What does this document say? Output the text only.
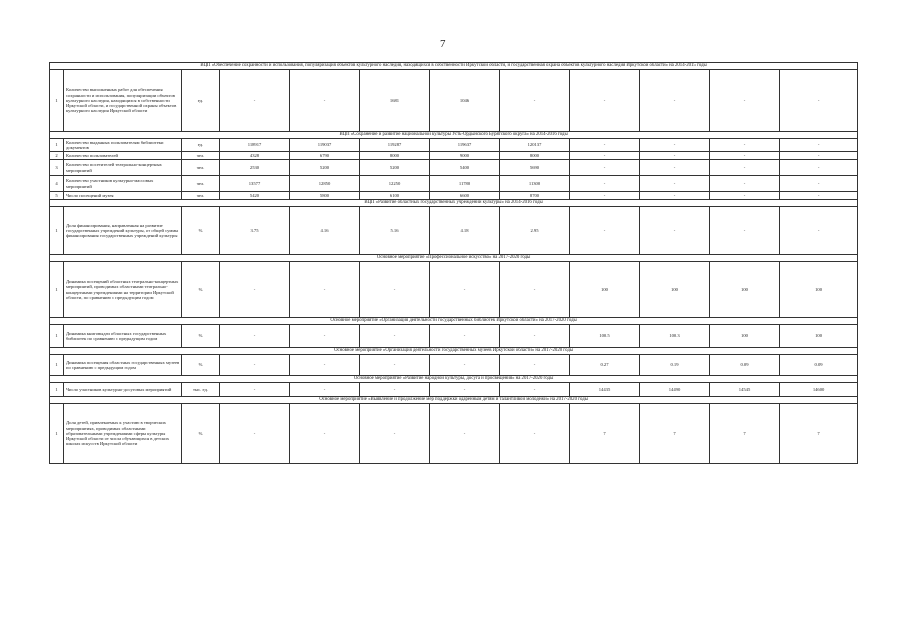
7
ВЦП «Обеспечение сохранности и использования, популяризация объектов культурного наследия, находящихся в собственности Иркутской области, и государственная охрана объектов культурного наследия Иркутской области» на 2014-2015 годы											
1	Количество выполненных работ для обеспечения сохранности и использования, популяризации объектов культурного наследия, находящихся в собственности Иркутской области, и государственной охраны объектов культурного наследия Иркутской области	ед.	-	-	1681	1046	-	-	-	-	-
ВЦП «Сохранение и развитие национальной культуры Усть-Ордынского Бурятского округа» на 2014-2016 годы											
1	Количество выданных пользователям библиотеки документов	ед.	118917	119037	119287	119637	120137	-	-	-	-
2	Количество пользователей	чел.	4328	6790	8000	9000	8000	-	-	-	-
3	Количество посетителей театрально-концертных мероприятий	чел.	2530	5200	5200	5400	5690	-	-	-	-
4	Количество участников культурно-массовых мероприятий	чел.	13577	12850	12250	11780	11300	-	-	-	-
5	Число посещений музея	чел.	5420	5800	6100	6600	8700	-	-	-	-
ВЦП «Развитие областных государственных учреждений культуры» на 2014-2016 годы											
1	Доля финансирования, направленная на развитие государственных учреждений культуры, от общей суммы финансирования государственных учреждений культуры	%	3.75	4.16	5.16	4.18	2.95	-	-	-	-
Основное мероприятие «Профессиональное искусство» на 2017-2020 годы											
1	Динамика посещений областных театрально-концертных мероприятий, проводимых областными театрально-концертными учреждениями на территории Иркутской области, по сравнению с предыдущим годом	%	-	-	-	-	-	100	100	100	100
Основное мероприятие «Организация деятельности государственных библиотек Иркутской области» на 2017-2020 годы											
1	Динамика книговыдач областных государственных библиотек по сравнению с предыдущим годом	%	-	-	-	-	-	100.5	100.3	100	100
Основное мероприятие «Организация деятельности государственных музеев Иркутской области» на 2017-2020 годы											
1	Динамика посещения областных государственных музеев по сравнению с предыдущим годом	%	-	-	-	-	-	0.27	0.19	0.09	0.09
Основное мероприятие «Развитие народной культуры, досуга и просвещения» на 2017-2020 годы											
1	Число участников культурно-досуговых мероприятий	тыс. ед.	-	-	-	-	-	14435	14490	14545	14600
Основное мероприятие «Выявление и продолжение мер поддержки одаренным детям и талантливой молодежи» на 2017-2020 годы											
1	Доля детей, привлекаемых к участию в творческих мероприятиях, проводимых областными образовательными учреждениями сферы культуры Иркутской области от числа обучающихся в детских школах искусств Иркутской области	%	-	-	-	-	-	7	7	7	7
